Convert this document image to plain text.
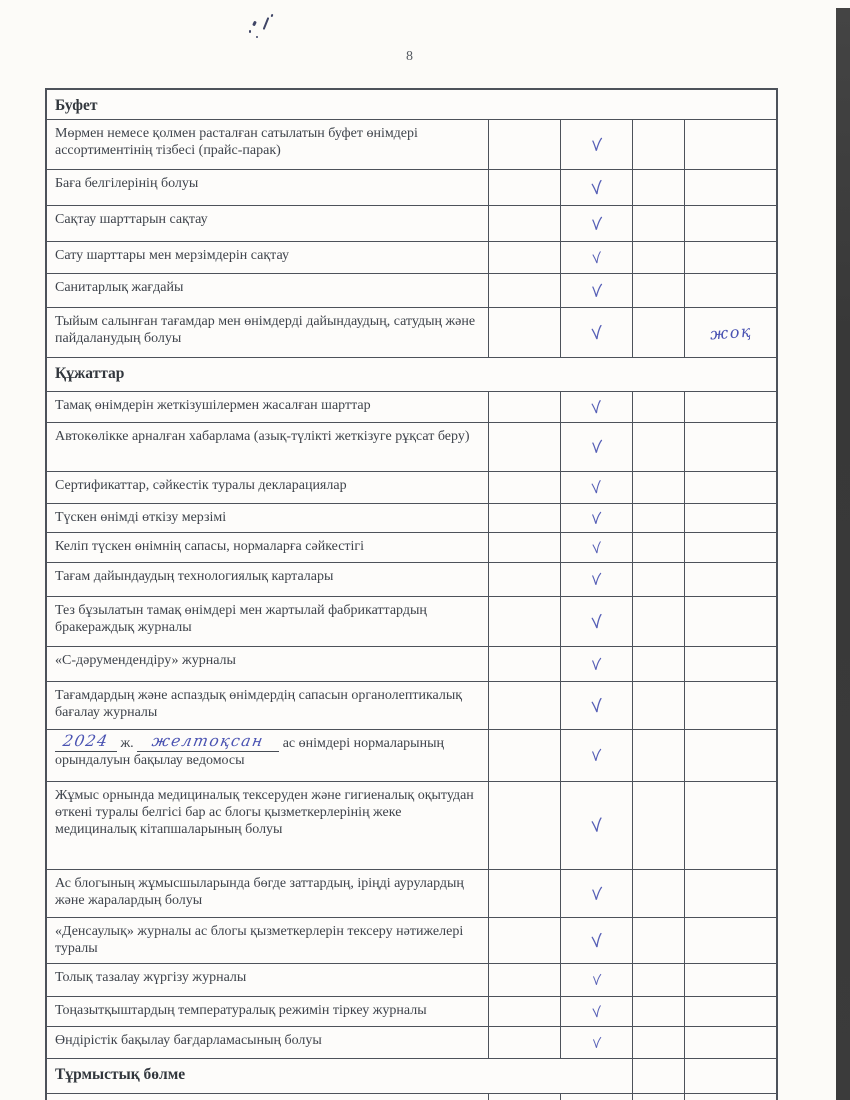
8
Буфет
Мөрмен немесе қолмен расталған сатылатын буфет өнімдері ассортиментінің тізбесі (прайс-парак)
Баға белгілерінің болуы
Сақтау шарттарын сақтау
Сату шарттары мен мерзімдерін сақтау
Санитарлық жағдайы
Тыйым салынған тағамдар мен өнімдерді дайындаудың, сатудың және пайдаланудың болуы	жоқ
Құжаттар
Тамақ өнімдерін жеткізушілермен жасалған шарттар
Автокөлікке арналған хабарлама (азық-түлікті жеткізуге рұқсат беру)
Сертификаттар, сәйкестік туралы декларациялар
Түскен өнімді өткізу мерзімі
Келіп түскен өнімнің сапасы, нормаларға сәйкестігі
Тағам дайындаудың технологиялық карталары
Тез бұзылатын тамақ өнімдері мен жартылай фабрикаттардың бракераждық журналы
«С-дәрумендендіру» журналы
Тағамдардың және аспаздық өнімдердің сапасын органолептикалық бағалау журналы
2024 ж. желтоқсан ас өнімдері нормаларының орындалуын бақылау ведомосы
Жұмыс орнында медициналық тексеруден және гигиеналық оқытудан өткені туралы белгісі бар ас блогы қызметкерлерінің жеке медициналық кітапшаларының болуы
Ас блогының жұмысшыларында бөгде заттардың, іріңді аурулардың және жаралардың болуы
«Денсаулық» журналы ас блогы қызметкерлерін тексеру нәтижелері туралы
Толық тазалау жүргізу журналы
Тоңазытқыштардың температуралық режимін тіркеу журналы
Өндірістік бақылау бағдарламасының болуы
Тұрмыстық бөлме
